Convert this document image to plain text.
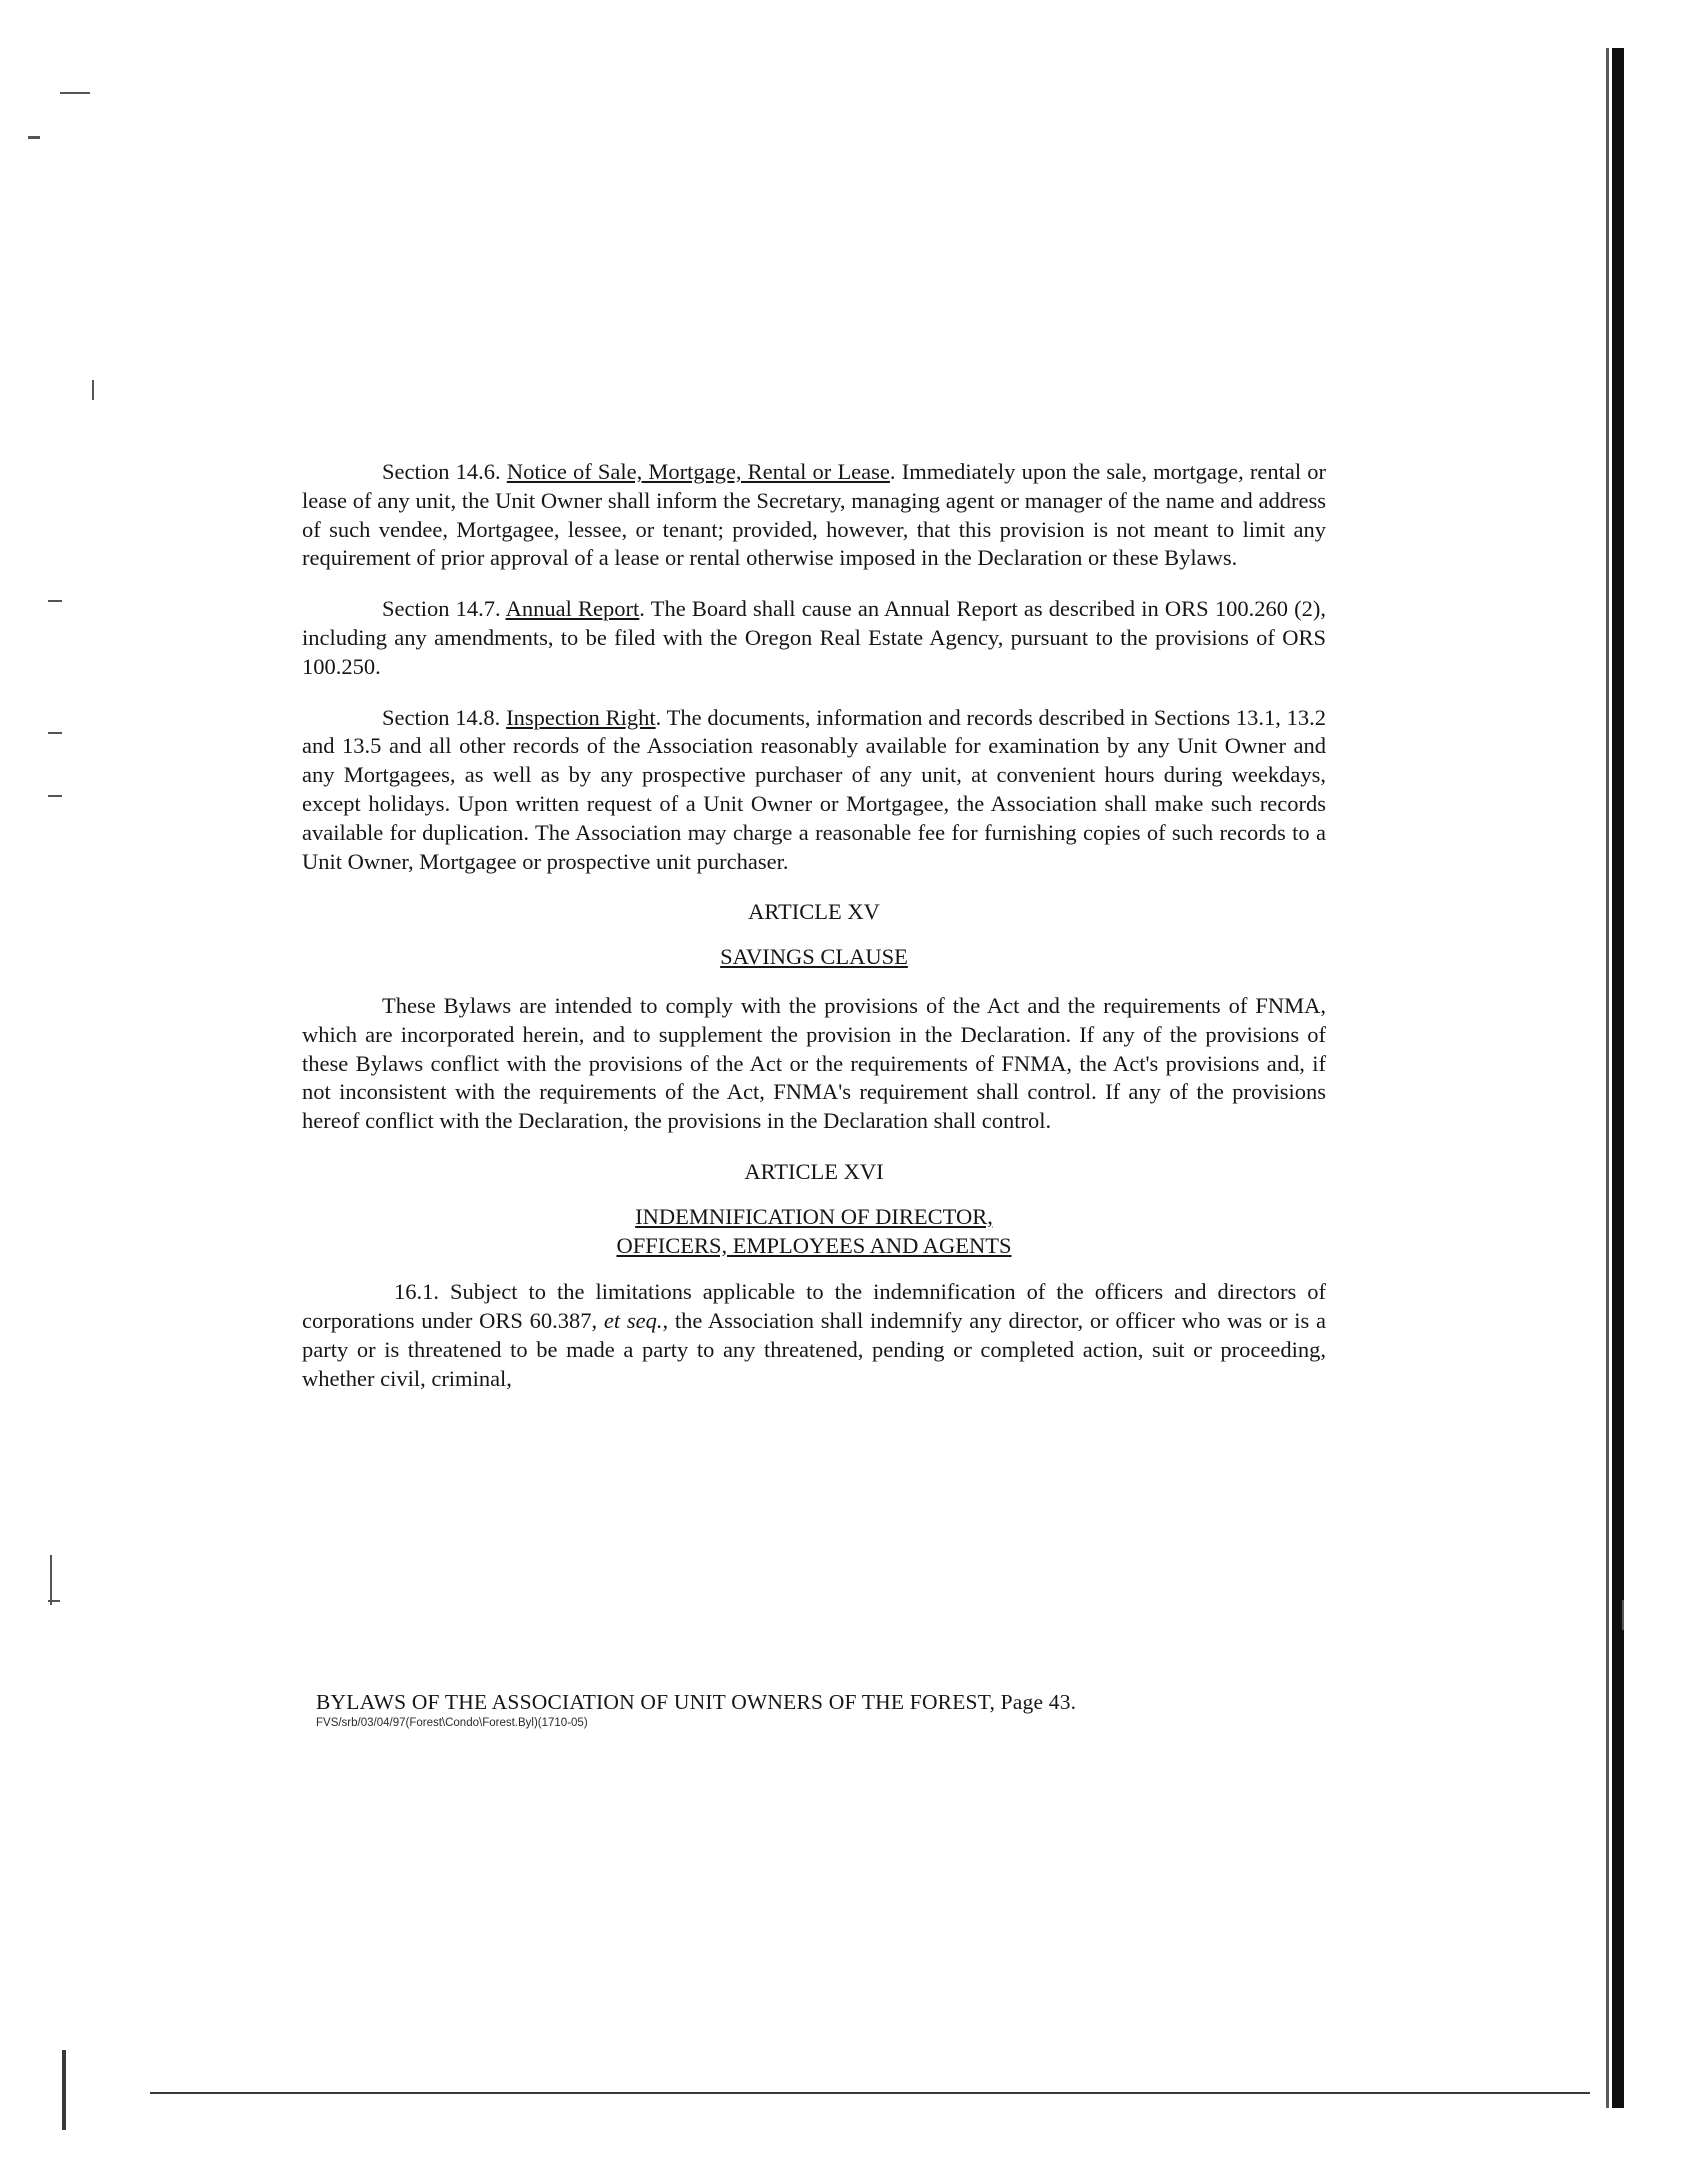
Section 14.6. Notice of Sale, Mortgage, Rental or Lease. Immediately upon the sale, mortgage, rental or lease of any unit, the Unit Owner shall inform the Secretary, managing agent or manager of the name and address of such vendee, Mortgagee, lessee, or tenant; provided, however, that this provision is not meant to limit any requirement of prior approval of a lease or rental otherwise imposed in the Declaration or these Bylaws.

Section 14.7. Annual Report. The Board shall cause an Annual Report as described in ORS 100.260 (2), including any amendments, to be filed with the Oregon Real Estate Agency, pursuant to the provisions of ORS 100.250.

Section 14.8. Inspection Right. The documents, information and records described in Sections 13.1, 13.2 and 13.5 and all other records of the Association reasonably available for examination by any Unit Owner and any Mortgagees, as well as by any prospective purchaser of any unit, at convenient hours during weekdays, except holidays. Upon written request of a Unit Owner or Mortgagee, the Association shall make such records available for duplication. The Association may charge a reasonable fee for furnishing copies of such records to a Unit Owner, Mortgagee or prospective unit purchaser.

ARTICLE XV
SAVINGS CLAUSE

These Bylaws are intended to comply with the provisions of the Act and the requirements of FNMA, which are incorporated herein, and to supplement the provision in the Declaration. If any of the provisions of these Bylaws conflict with the provisions of the Act or the requirements of FNMA, the Act's provisions and, if not inconsistent with the requirements of the Act, FNMA's requirement shall control. If any of the provisions hereof conflict with the Declaration, the provisions in the Declaration shall control.

ARTICLE XVI
INDEMNIFICATION OF DIRECTOR,
OFFICERS, EMPLOYEES AND AGENTS

16.1. Subject to the limitations applicable to the indemnification of the officers and directors of corporations under ORS 60.387, et seq., the Association shall indemnify any director, or officer who was or is a party or is threatened to be made a party to any threatened, pending or completed action, suit or proceeding, whether civil, criminal,

BYLAWS OF THE ASSOCIATION OF UNIT OWNERS OF THE FOREST, Page 43.
FVS/srb/03/04/97(Forest\Condo\Forest.Byl)(1710-05)
